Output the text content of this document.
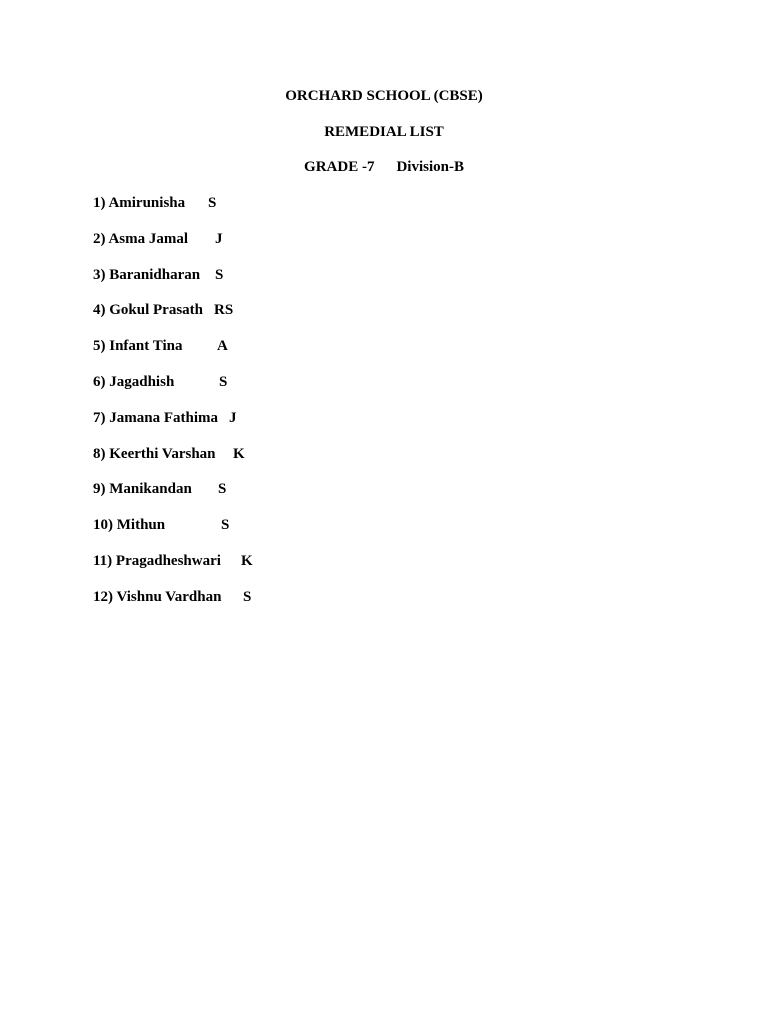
ORCHARD SCHOOL (CBSE)
REMEDIAL LIST
GRADE -7 Division-B
1) Amirunisha S
2) Asma Jamal J
3) Baranidharan S
4) Gokul Prasath RS
5) Infant Tina A
6) Jagadhish	S
7) Jamana Fathima J
8) Keerthi Varshan K
9) Manikandan S
10) Mithun	S
11) Pragadheshwari K
12) Vishnu Vardhan S
